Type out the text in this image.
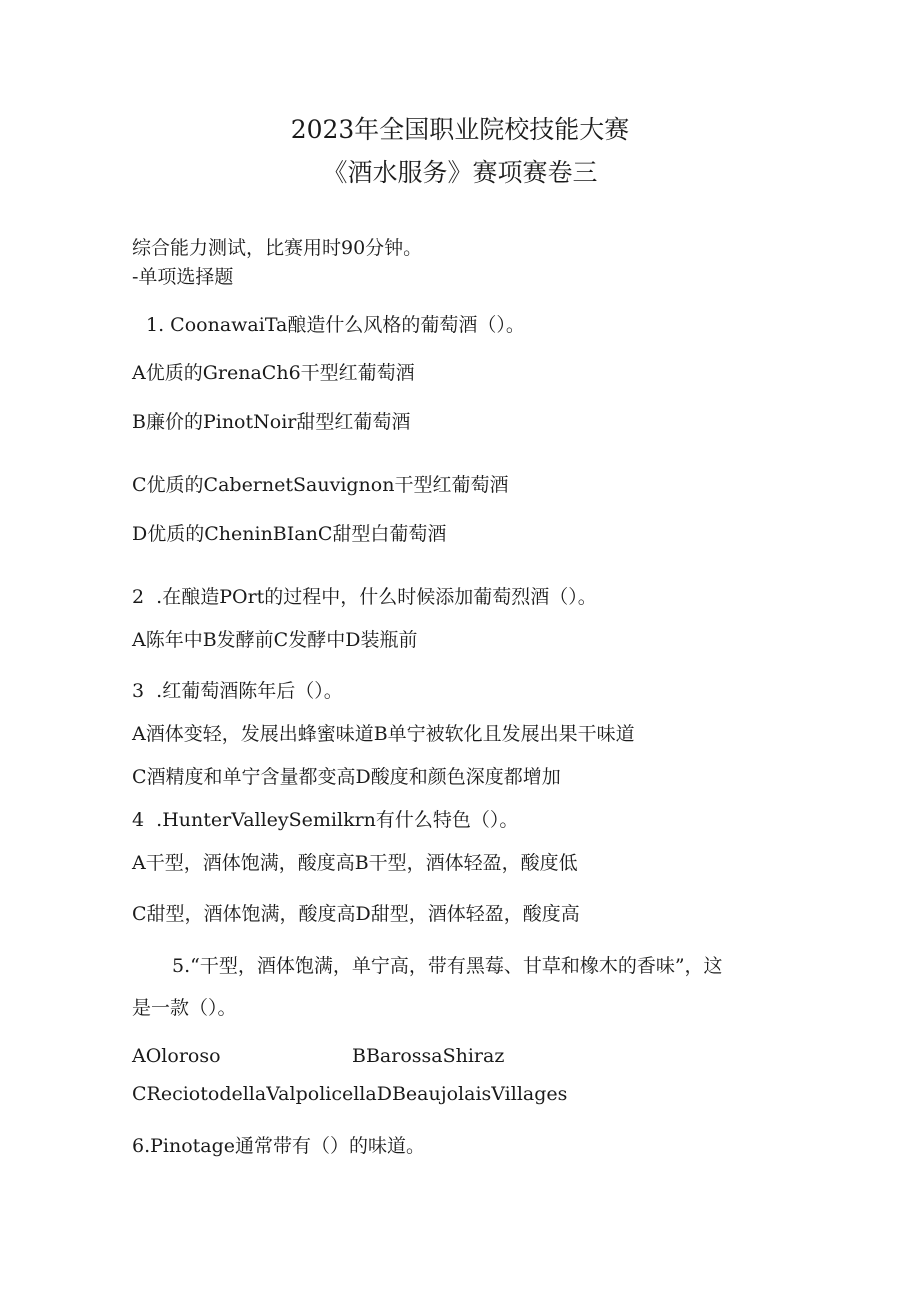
2023年全国职业院校技能大赛
《酒水服务》赛项赛卷三
综合能力测试，比赛用时90分钟。
-单项选择题
1. CoonawaiTa酿造什么风格的葡萄酒（）。
A优质的GrenaCh6干型红葡萄酒
B廉价的PinotNoir甜型红葡萄酒
C优质的CabernetSauvignon干型红葡萄酒
D优质的CheninBIanC甜型白葡萄酒
2  .在酿造POrt的过程中，什么时候添加葡萄烈酒（）。
A陈年中B发酵前C发酵中D装瓶前
3  .红葡萄酒陈年后（）。
A酒体变轻，发展出蜂蜜味道B单宁被软化且发展出果干味道
C酒精度和单宁含量都变高D酸度和颜色深度都增加
4  .HunterValleySemilkrn有什么特色（）。
A干型，酒体饱满，酸度高B干型，酒体轻盈，酸度低
C甜型，酒体饱满，酸度高D甜型，酒体轻盈，酸度高
5.“干型，酒体饱满，单宁高，带有黑莓、甘草和橡木的香味”，这
是一款（）。
AOloroso	BBarossaShiraz
CReciotodellaValpolicellaDBeaujolaisVillages
6.Pinotage通常带有（）的味道。
